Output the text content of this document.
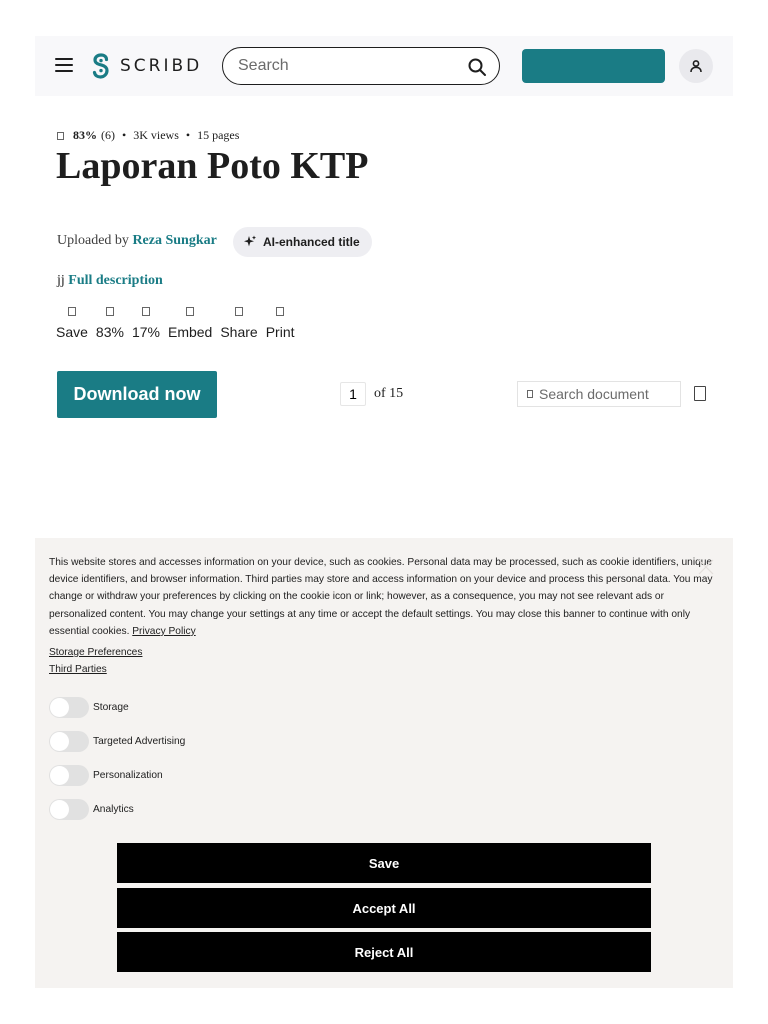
SCRIBD
Search
83% (6) • 3K views • 15 pages
Laporan Poto KTP
Uploaded by Reza Sungkar	AI-enhanced title
jj Full description
Save 83% 17% Embed Share Print
Download now
1	of 15
Search document
This website stores and accesses information on your device, such as cookies. Personal data may be processed, such as cookie identifiers, unique device identifiers, and browser information. Third parties may store and access information on your device and process this personal data. You may change or withdraw your preferences by clicking on the cookie icon or link; however, as a consequence, you may not see relevant ads or personalized content. You may change your settings at any time or accept the default settings. You may close this banner to continue with only essential cookies. Privacy Policy
Storage Preferences
Third Parties
Storage
Targeted Advertising
Personalization
Analytics
Save
Accept All
Reject All
